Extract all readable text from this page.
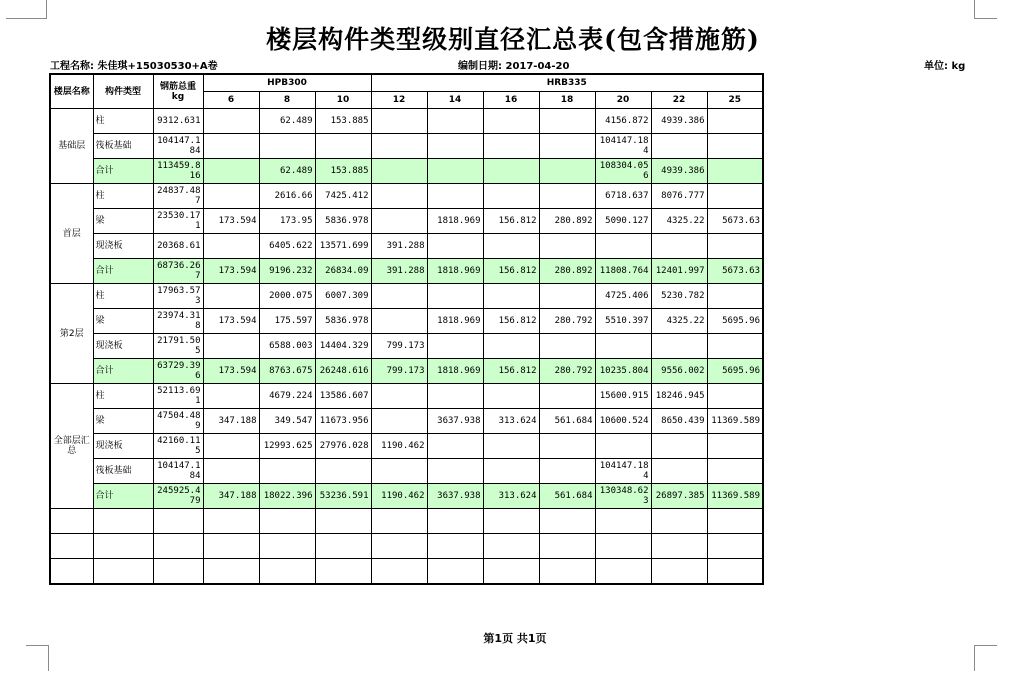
楼层构件类型级别直径汇总表(包含措施筋)
工程名称: 朱佳琪+15030530+A卷	编制日期: 2017-04-20	单位: kg
楼层名称	构件类型	钢筋总重kg	HPB300			HRB335						
			6	8	10	12	14	16	18	20	22	25
基础层	柱	9312.631		62.489	153.885					4156.872	4939.386	
	筏板基础	104147.184								104147.184		
	合计	113459.816		62.489	153.885					108304.056	4939.386	
首层	柱	24837.487		2616.66	7425.412					6718.637	8076.777	
	梁	23530.171	173.594	173.95	5836.978		1818.969	156.812	280.892	5090.127	4325.22	5673.63
	现浇板	20368.61		6405.622	13571.699	391.288						
	合计	68736.267	173.594	9196.232	26834.09	391.288	1818.969	156.812	280.892	11808.764	12401.997	5673.63
第2层	柱	17963.573		2000.075	6007.309					4725.406	5230.782	
	梁	23974.318	173.594	175.597	5836.978		1818.969	156.812	280.792	5510.397	4325.22	5695.96
	现浇板	21791.505		6588.003	14404.329	799.173						
	合计	63729.396	173.594	8763.675	26248.616	799.173	1818.969	156.812	280.792	10235.804	9556.002	5695.96
全部层汇总	柱	52113.691		4679.224	13586.607					15600.915	18246.945	
	梁	47504.489	347.188	349.547	11673.956		3637.938	313.624	561.684	10600.524	8650.439	11369.589
	现浇板	42160.115		12993.625	27976.028	1190.462						
	筏板基础	104147.184								104147.184		
	合计	245925.479	347.188	18022.396	53236.591	1190.462	3637.938	313.624	561.684	130348.623	26897.385	11369.589

第1页 共1页
